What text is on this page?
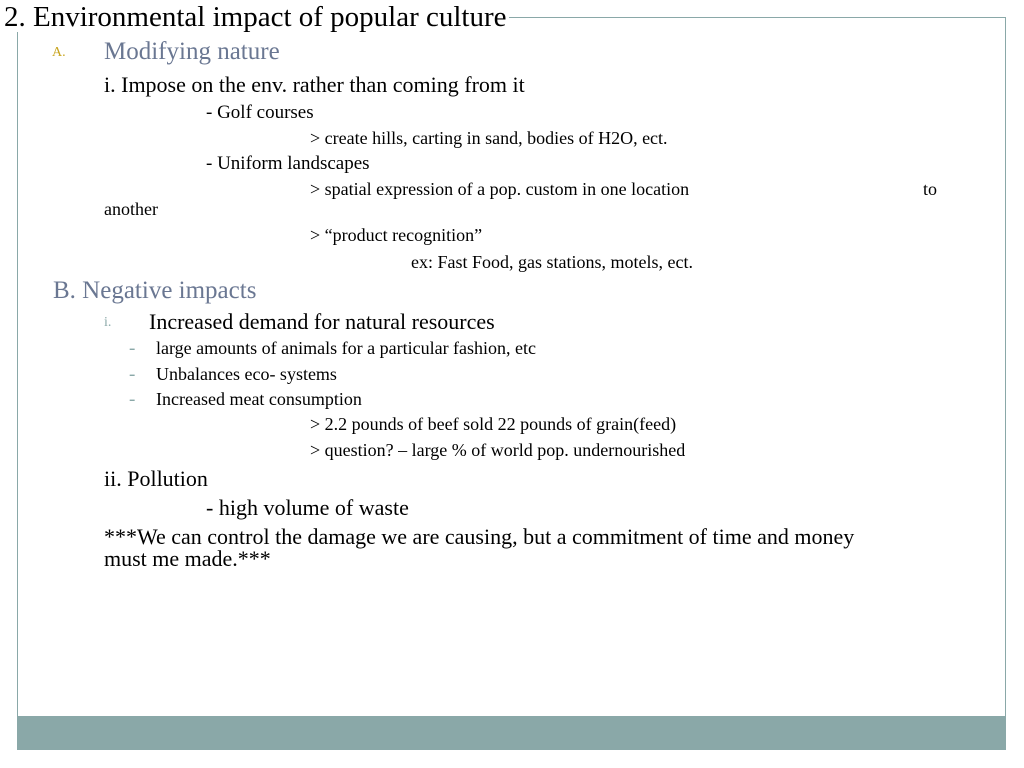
2. Environmental impact of popular culture
A. Modifying nature
i. Impose on the env. rather than coming from it
- Golf courses
> create hills, carting in sand, bodies of H2O, ect.
- Uniform landscapes
> spatial expression of a pop. custom in one location	to
another
> “product recognition”
ex: Fast Food, gas stations, motels, ect.
B. Negative impacts
i. Increased demand for natural resources
- large amounts of animals for a particular fashion, etc
- Unbalances eco- systems
- Increased meat consumption
> 2.2 pounds of beef sold 22 pounds of grain(feed)
> question? – large % of world pop. undernourished
ii. Pollution
- high volume of waste
***We can control the damage we are causing, but a commitment of time and money
must me made.***
